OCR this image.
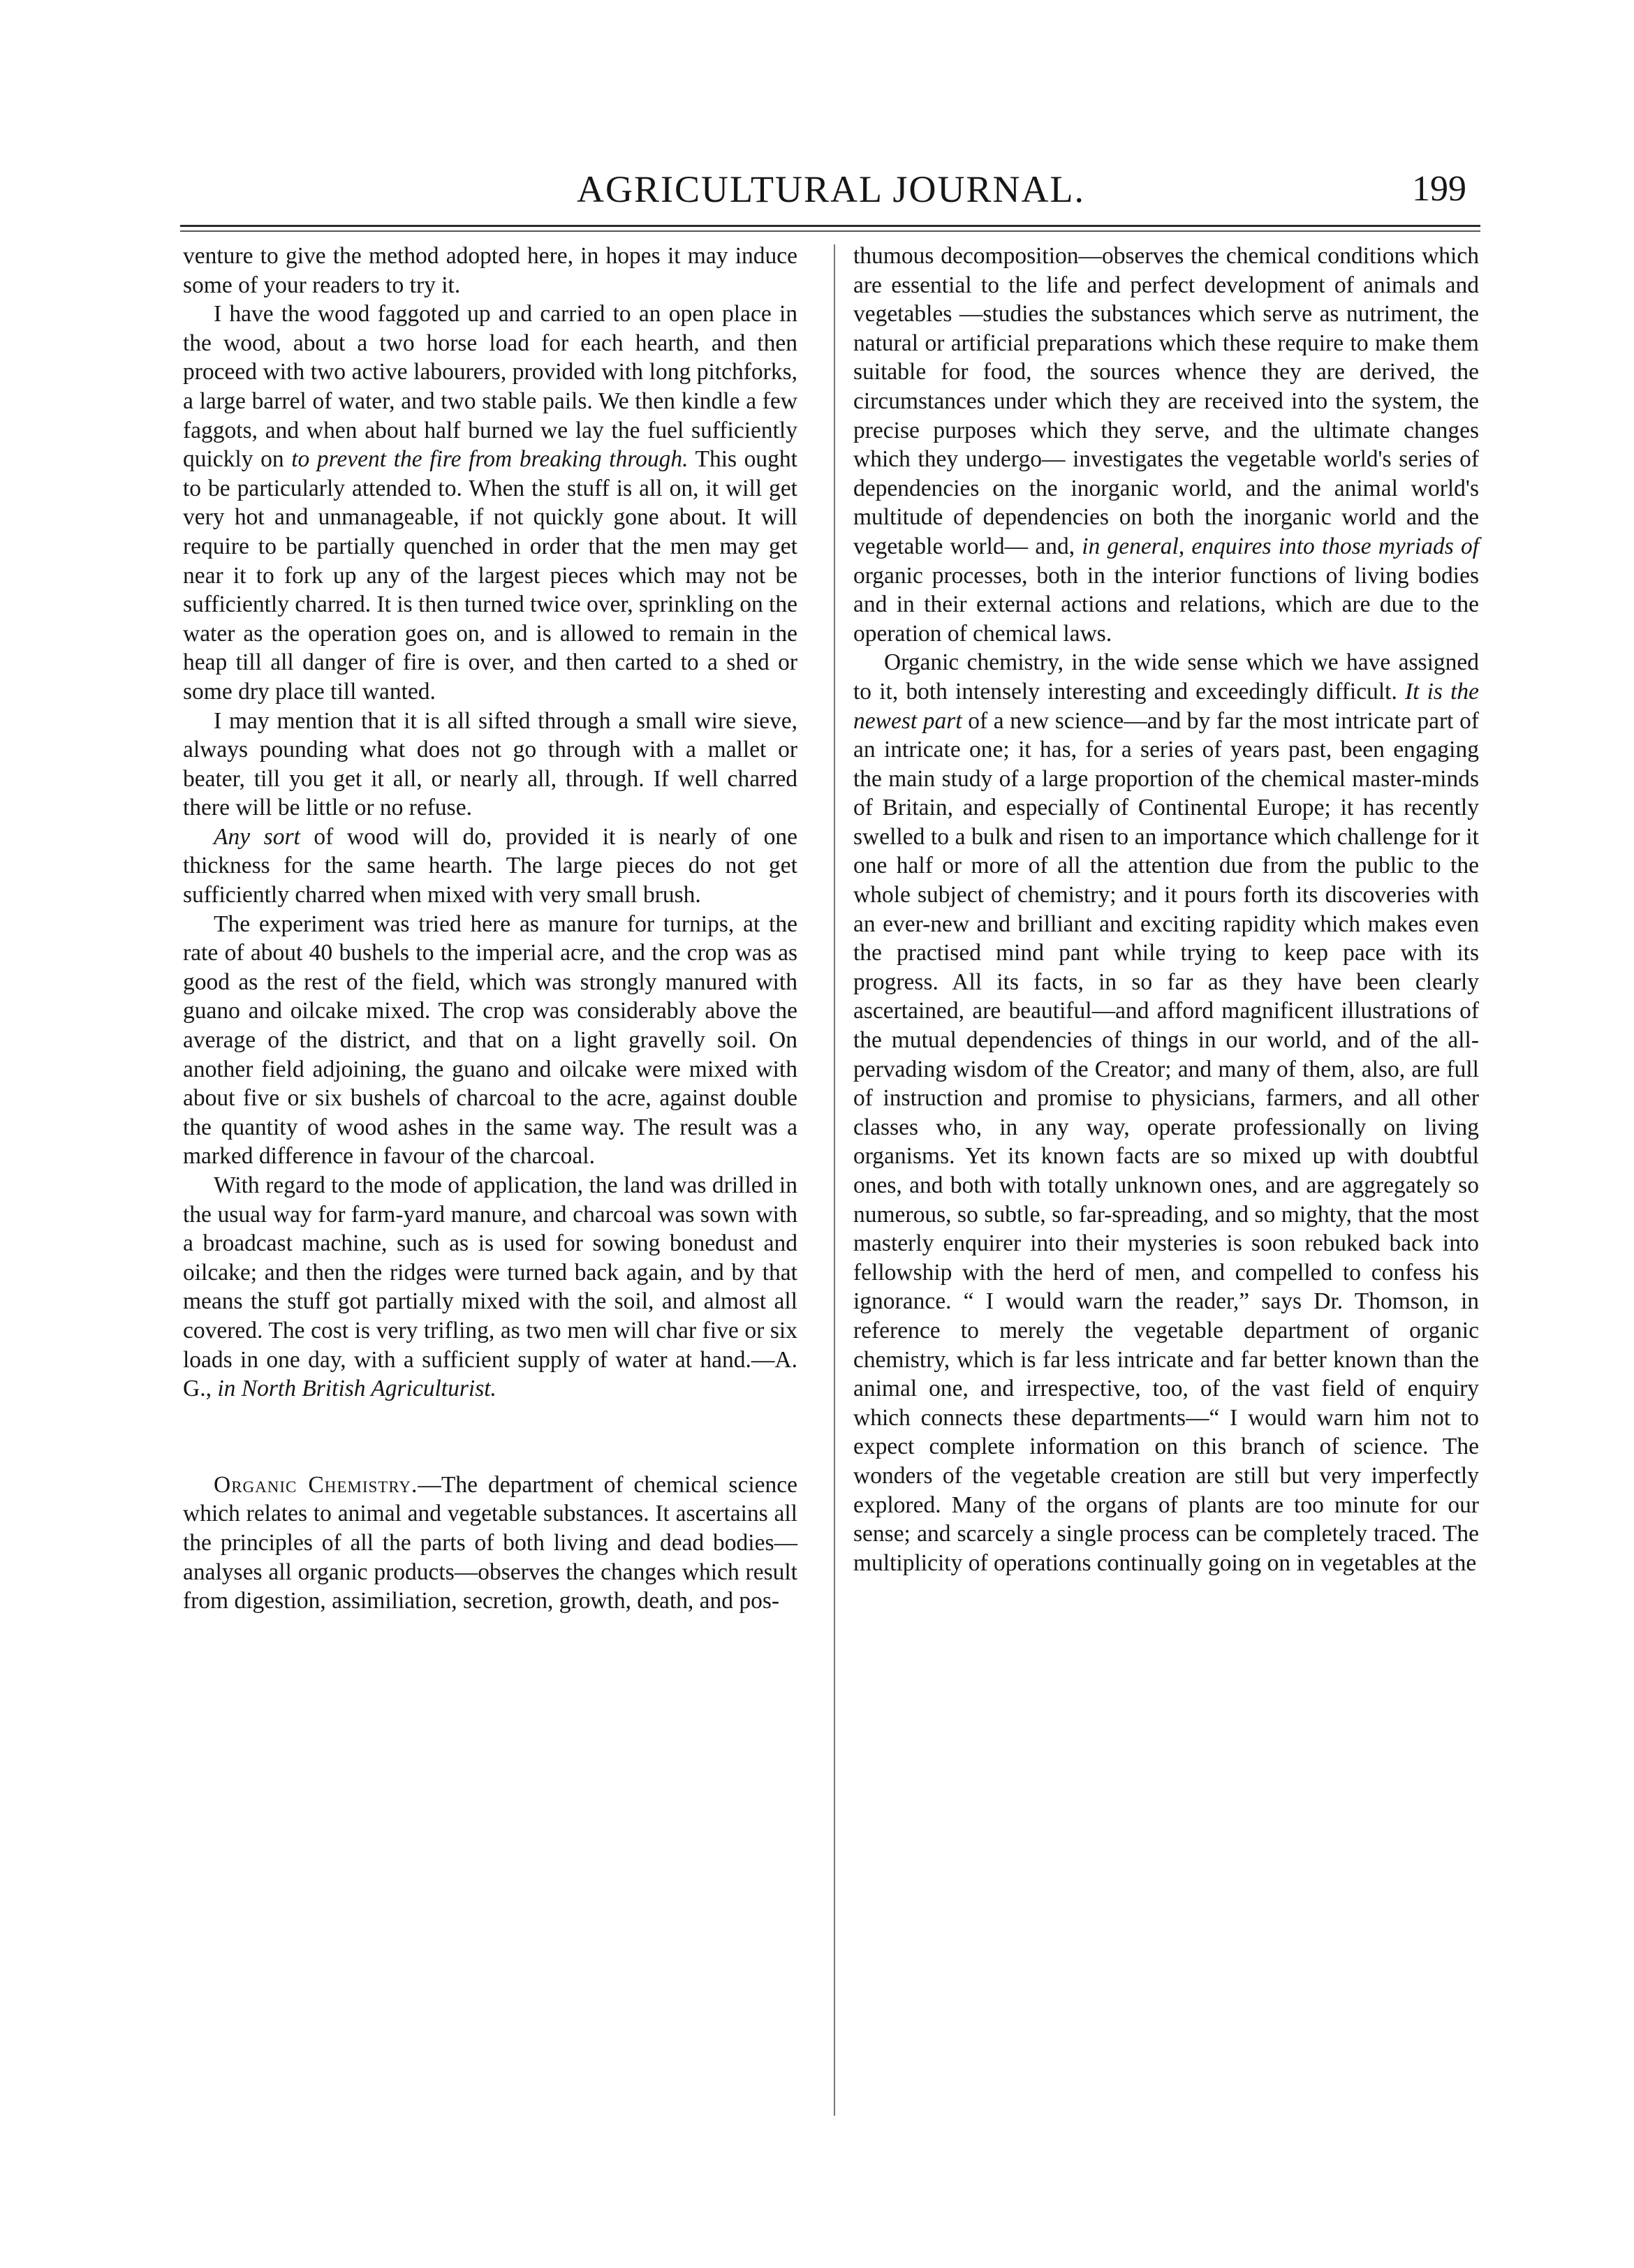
AGRICULTURAL JOURNAL.	199

venture to give the method adopted here, in hopes it may induce some of your readers to try it.

I have the wood faggoted up and carried to an open place in the wood, about a two horse load for each hearth, and then proceed with two active labourers, provided with long pitchforks, a large barrel of water, and two stable pails. We then kindle a few faggots, and when about half burned we lay the fuel sufficiently quickly on to prevent the fire from breaking through. This ought to be particularly attended to. When the stuff is all on, it will get very hot and unmanageable, if not quickly gone about. It will require to be partially quenched in order that the men may get near it to fork up any of the largest pieces which may not be sufficiently charred. It is then turned twice over, sprinkling on the water as the operation goes on, and is allowed to remain in the heap till all danger of fire is over, and then carted to a shed or some dry place till wanted.

I may mention that it is all sifted through a small wire sieve, always pounding what does not go through with a mallet or beater, till you get it all, or nearly all, through. If well charred there will be little or no refuse.

Any sort of wood will do, provided it is nearly of one thickness for the same hearth. The large pieces do not get sufficiently charred when mixed with very small brush.

The experiment was tried here as manure for turnips, at the rate of about 40 bushels to the imperial acre, and the crop was as good as the rest of the field, which was strongly manured with guano and oilcake mixed. The crop was considerably above the average of the district, and that on a light gravelly soil. On another field adjoining, the guano and oilcake were mixed with about five or six bushels of charcoal to the acre, against double the quantity of wood ashes in the same way. The result was a marked difference in favour of the charcoal.

With regard to the mode of application, the land was drilled in the usual way for farm-yard manure, and charcoal was sown with a broadcast machine, such as is used for sowing bonedust and oilcake; and then the ridges were turned back again, and by that means the stuff got partially mixed with the soil, and almost all covered. The cost is very trifling, as two men will char five or six loads in one day, with a sufficient supply of water at hand.—A. G., in North British Agriculturist.

Organic Chemistry.—The department of chemical science which relates to animal and vegetable substances. It ascertains all the principles of all the parts of both living and dead bodies—analyses all organic products—observes the changes which result from digestion, assimiliation, secretion, growth, death, and pos-

thumous decomposition—observes the chemical conditions which are essential to the life and perfect development of animals and vegetables —studies the substances which serve as nutriment, the natural or artificial preparations which these require to make them suitable for food, the sources whence they are derived, the circumstances under which they are received into the system, the precise purposes which they serve, and the ultimate changes which they undergo— investigates the vegetable world's series of dependencies on the inorganic world, and the animal world's multitude of dependencies on both the inorganic world and the vegetable world— and, in general, enquires into those myriads of organic processes, both in the interior functions of living bodies and in their external actions and relations, which are due to the operation of chemical laws.

Organic chemistry, in the wide sense which we have assigned to it, both intensely interesting and exceedingly difficult. It is the newest part of a new science—and by far the most intricate part of an intricate one; it has, for a series of years past, been engaging the main study of a large proportion of the chemical master-minds of Britain, and especially of Continental Europe; it has recently swelled to a bulk and risen to an importance which challenge for it one half or more of all the attention due from the public to the whole subject of chemistry; and it pours forth its discoveries with an ever-new and brilliant and exciting rapidity which makes even the practised mind pant while trying to keep pace with its progress. All its facts, in so far as they have been clearly ascertained, are beautiful—and afford magnificent illustrations of the mutual dependencies of things in our world, and of the all-pervading wisdom of the Creator; and many of them, also, are full of instruction and promise to physicians, farmers, and all other classes who, in any way, operate professionally on living organisms. Yet its known facts are so mixed up with doubtful ones, and both with totally unknown ones, and are aggregately so numerous, so subtle, so far-spreading, and so mighty, that the most masterly enquirer into their mysteries is soon rebuked back into fellowship with the herd of men, and compelled to confess his ignorance. “ I would warn the reader,” says Dr. Thomson, in reference to merely the vegetable department of organic chemistry, which is far less intricate and far better known than the animal one, and irrespective, too, of the vast field of enquiry which connects these departments—“ I would warn him not to expect complete information on this branch of science. The wonders of the vegetable creation are still but very imperfectly explored. Many of the organs of plants are too minute for our sense; and scarcely a single process can be completely traced. The multiplicity of operations continually going on in vegetables at the
